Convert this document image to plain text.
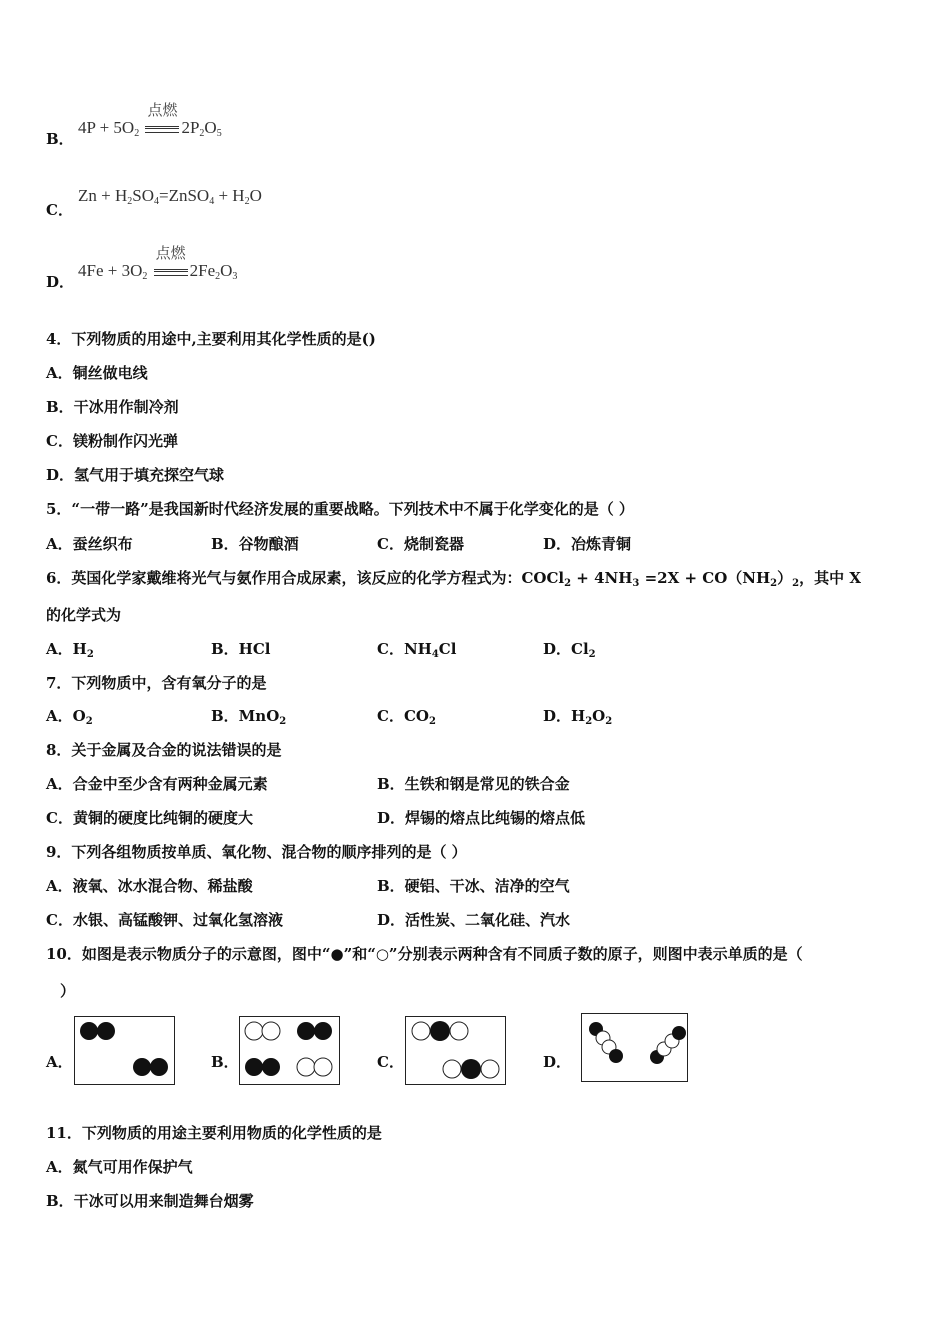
B．
$4P + 5O_2$
点燃
$2P_2O_5$
C．
$Zn + H_2SO_4=ZnSO_4 + H_2O$
D．
$4Fe + 3O_2$
点燃
$2Fe_2O_3$
4．下列物质的用途中,主要利用其化学性质的是()
A．铜丝做电线
B．干冰用作制冷剂
C．镁粉制作闪光弹
D．氢气用于填充探空气球
5．“一带一路”是我国新时代经济发展的重要战略。下列技术中不属于化学变化的是（ ）
A．蚕丝织布	B．谷物酿酒	C．烧制瓷器	D．冶炼青铜
6．英国化学家戴维将光气与氨作用合成尿素，该反应的化学方程式为：COCl$_2$ + $4NH_3 =2X + CO(NH_2)_2$，其中 X
的化学式为
A．$H_2$	B．HCl	C．$NH_4Cl$	D．$Cl_2$
7．下列物质中，含有氧分子的是
A．$O_2$	B．MnO$_2$	C．$CO_2$	D．$H_2O_2$
8．关于金属及合金的说法错误的是
A．合金中至少含有两种金属元素	B．生铁和钢是常见的铁合金
C．黄铜的硬度比纯铜的硬度大	D．焊锡的熔点比纯锡的熔点低
9．下列各组物质按单质、氧化物、混合物的顺序排列的是（ ）
A．液氧、冰水混合物、稀盐酸	B．硬铝、干冰、洁净的空气
C．水银、高锰酸钾、过氧化氢溶液	D．活性炭、二氧化硅、汽水
10．如图是表示物质分子的示意图，图中“●”和“○”分别表示两种含有不同质子数的原子，则图中表示单质的是（
）
A．	B．	C．	D．
11．下列物质的用途主要利用物质的化学性质的是
A．氮气可用作保护气
B．干冰可以用来制造舞台烟雾
